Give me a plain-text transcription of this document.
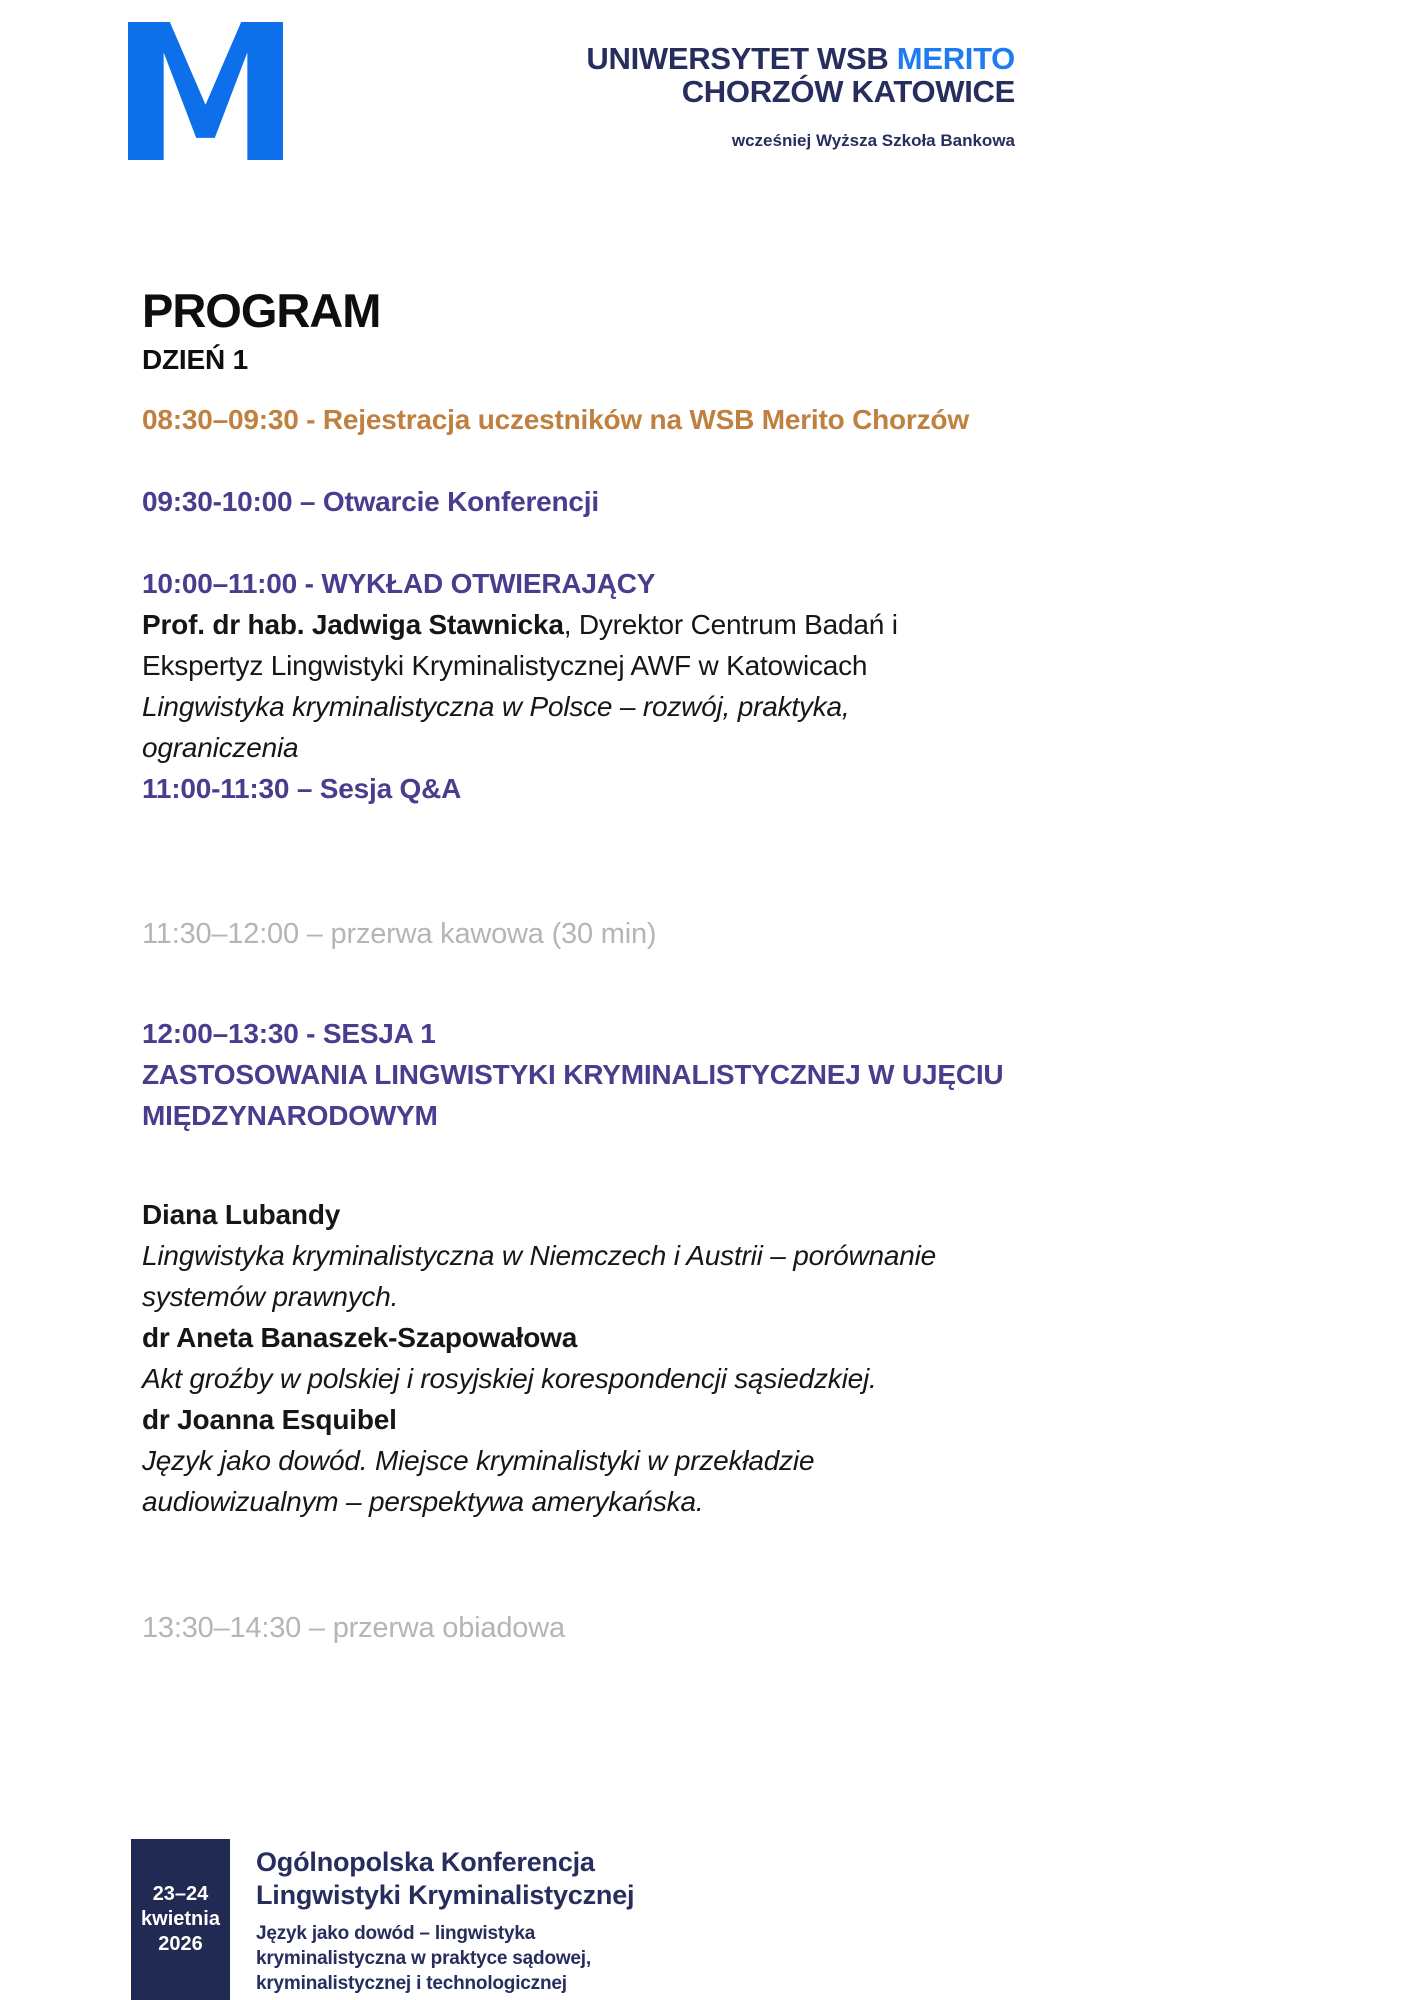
UNIWERSYTET WSB MERITO
CHORZÓW KATOWICE
wcześniej Wyższa Szkoła Bankowa
PROGRAM
DZIEŃ 1
08:30–09:30 - Rejestracja uczestników na WSB Merito Chorzów
09:30-10:00 – Otwarcie Konferencji
10:00–11:00 - WYKŁAD OTWIERAJĄCY
Prof. dr hab. Jadwiga Stawnicka, Dyrektor Centrum Badań i
Ekspertyz Lingwistyki Kryminalistycznej AWF w Katowicach
Lingwistyka kryminalistyczna w Polsce – rozwój, praktyka,
ograniczenia
11:00-11:30 – Sesja Q&A
11:30–12:00 – przerwa kawowa (30 min)
12:00–13:30 - SESJA 1
ZASTOSOWANIA LINGWISTYKI KRYMINALISTYCZNEJ W UJĘCIU
MIĘDZYNARODOWYM
Diana Lubandy
Lingwistyka kryminalistyczna w Niemczech i Austrii – porównanie
systemów prawnych.
dr Aneta Banaszek-Szapowałowa
Akt groźby w polskiej i rosyjskiej korespondencji sąsiedzkiej.
dr Joanna Esquibel
Język jako dowód. Miejsce kryminalistyki w przekładzie
audiowizualnym – perspektywa amerykańska.
13:30–14:30 – przerwa obiadowa
23–24
kwietnia
2026
Ogólnopolska Konferencja
Lingwistyki Kryminalistycznej
Język jako dowód – lingwistyka
kryminalistyczna w praktyce sądowej,
kryminalistycznej i technologicznej
